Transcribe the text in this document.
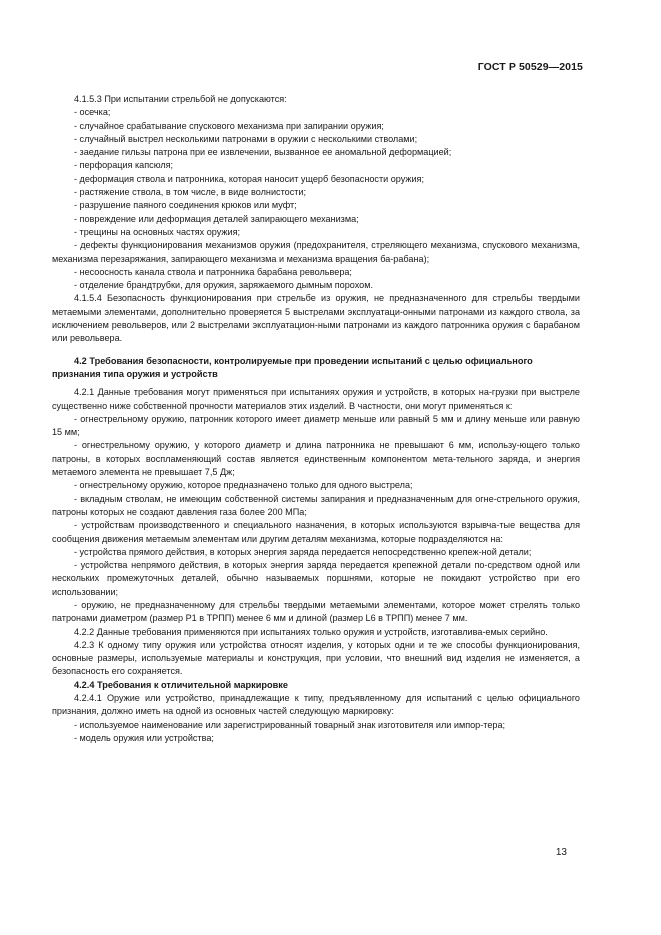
ГОСТ Р 50529—2015

4.1.5.3 При испытании стрельбой не допускаются:

- осечка;

- случайное срабатывание спускового механизма при запирании оружия;

- случайный выстрел несколькими патронами в оружии с несколькими стволами;

- заедание гильзы патрона при ее извлечении, вызванное ее аномальной деформацией;

- перфорация капсюля;

- деформация ствола и патронника, которая наносит ущерб безопасности оружия;

- растяжение ствола, в том числе, в виде волнистости;

- разрушение паяного соединения крюков или муфт;

- повреждение или деформация деталей запирающего механизма;

- трещины на основных частях оружия;

- дефекты функционирования механизмов оружия (предохранителя, стреляющего механизма, спускового механизма, механизма перезаряжания, запирающего механизма и механизма вращения ба-рабана);

- несоосность канала ствола и патронника барабана револьвера;

- отделение брандтрубки, для оружия, заряжаемого дымным порохом.

4.1.5.4 Безопасность функционирования при стрельбе из оружия, не предназначенного для стрельбы твердыми метаемыми элементами, дополнительно проверяется 5 выстрелами эксплуатаци-онными патронами из каждого ствола, за исключением револьверов, или 2 выстрелами эксплуатацион-ными патронами из каждого патронника оружия с барабаном или револьвера.

4.2 Требования безопасности, контролируемые при проведении испытаний с целью официального признания типа оружия и устройств

4.2.1 Данные требования могут применяться при испытаниях оружия и устройств, в которых на-грузки при выстреле существенно ниже собственной прочности материалов этих изделий. В частности, они могут применяться к:

- огнестрельному оружию, патронник которого имеет диаметр меньше или равный 5 мм и длину меньше или равную 15 мм;

- огнестрельному оружию, у которого диаметр и длина патронника не превышают 6 мм, использу-ющего только патроны, в которых воспламеняющий состав является единственным компонентом мета-тельного заряда, и энергия метаемого элемента не превышает 7,5 Дж;

- огнестрельному оружию, которое предназначено только для одного выстрела;

- вкладным стволам, не имеющим собственной системы запирания и предназначенным для огне-стрельного оружия, патроны которых не создают давления газа более 200 МПа;

- устройствам производственного и специального назначения, в которых используются взрывча-тые вещества для сообщения движения метаемым элементам или другим деталям механизма, которые подразделяются на:

- устройства прямого действия, в которых энергия заряда передается непосредственно крепеж-ной детали;

- устройства непрямого действия, в которых энергия заряда передается крепежной детали по-средством одной или нескольких промежуточных деталей, обычно называемых поршнями, которые не покидают устройство при его использовании;

- оружию, не предназначенному для стрельбы твердыми метаемыми элементами, которое может стрелять только патронами диаметром (размер P1 в ТРПП) менее 6 мм и длиной (размер L6 в ТРПП) менее 7 мм.

4.2.2 Данные требования применяются при испытаниях только оружия и устройств, изготавлива-емых серийно.

4.2.3 К одному типу оружия или устройства относят изделия, у которых одни и те же способы функционирования, основные размеры, используемые материалы и конструкция, при условии, что внешний вид изделия не изменяется, а безопасность его сохраняется.

4.2.4 Требования к отличительной маркировке

4.2.4.1 Оружие или устройство, принадлежащие к типу, предъявленному для испытаний с целью официального признания, должно иметь на одной из основных частей следующую маркировку:

- используемое наименование или зарегистрированный товарный знак изготовителя или импор-тера;

- модель оружия или устройства;

13
